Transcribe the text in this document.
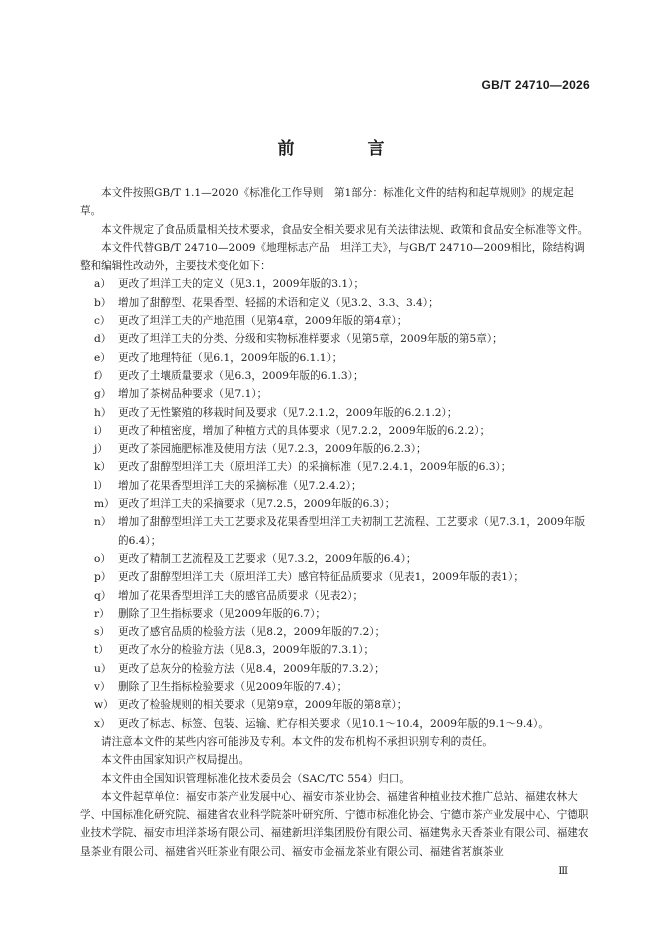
GB/T 24710—2026
前　言

本文件按照GB/T 1.1—2020《标准化工作导则　第1部分：标准化文件的结构和起草规则》的规定起草。

本文件规定了食品质量相关技术要求，食品安全相关要求见有关法律法规、政策和食品安全标准等文件。

本文件代替GB/T 24710—2009《地理标志产品　坦洋工夫》，与GB/T 24710—2009相比，除结构调整和编辑性改动外，主要技术变化如下：

a） 更改了坦洋工夫的定义（见3.1，2009年版的3.1）；
b） 增加了甜醇型、花果香型、轻摇的术语和定义（见3.2、3.3、3.4）；
c） 更改了坦洋工夫的产地范围（见第4章，2009年版的第4章）；
d） 更改了坦洋工夫的分类、分级和实物标准样要求（见第5章，2009年版的第5章）；
e） 更改了地理特征（见6.1，2009年版的6.1.1）；
f） 更改了土壤质量要求（见6.3，2009年版的6.1.3）；
g） 增加了茶树品种要求（见7.1）；
h） 更改了无性繁殖的移栽时间及要求（见7.2.1.2，2009年版的6.2.1.2）；
i） 更改了种植密度，增加了种植方式的具体要求（见7.2.2，2009年版的6.2.2）；
j） 更改了茶园施肥标准及使用方法（见7.2.3，2009年版的6.2.3）；
k） 更改了甜醇型坦洋工夫（原坦洋工夫）的采摘标准（见7.2.4.1，2009年版的6.3）；
l） 增加了花果香型坦洋工夫的采摘标准（见7.2.4.2）；
m） 更改了坦洋工夫的采摘要求（见7.2.5，2009年版的6.3）；
n） 增加了甜醇型坦洋工夫工艺要求及花果香型坦洋工夫初制工艺流程、工艺要求（见7.3.1，2009年版的6.4）；
o） 更改了精制工艺流程及工艺要求（见7.3.2，2009年版的6.4）；
p） 更改了甜醇型坦洋工夫（原坦洋工夫）感官特征品质要求（见表1，2009年版的表1）；
q） 增加了花果香型坦洋工夫的感官品质要求（见表2）；
r） 删除了卫生指标要求（见2009年版的6.7）；
s） 更改了感官品质的检验方法（见8.2，2009年版的7.2）；
t） 更改了水分的检验方法（见8.3，2009年版的7.3.1）；
u） 更改了总灰分的检验方法（见8.4，2009年版的7.3.2）；
v） 删除了卫生指标检验要求（见2009年版的7.4）；
w） 更改了检验规则的相关要求（见第9章，2009年版的第8章）；
x） 更改了标志、标签、包装、运输、贮存相关要求（见10.1～10.4，2009年版的9.1～9.4）。

请注意本文件的某些内容可能涉及专利。本文件的发布机构不承担识别专利的责任。

本文件由国家知识产权局提出。

本文件由全国知识管理标准化技术委员会（SAC/TC 554）归口。

本文件起草单位：福安市茶产业发展中心、福安市茶业协会、福建省种植业技术推广总站、福建农林大学、中国标准化研究院、福建省农业科学院茶叶研究所、宁德市标准化协会、宁德市茶产业发展中心、宁德职业技术学院、福安市坦洋茶场有限公司、福建新坦洋集团股份有限公司、福建隽永天香茶业有限公司、福建农垦茶业有限公司、福建省兴旺茶业有限公司、福安市金福龙茶业有限公司、福建省茗旗茶业

Ⅲ
